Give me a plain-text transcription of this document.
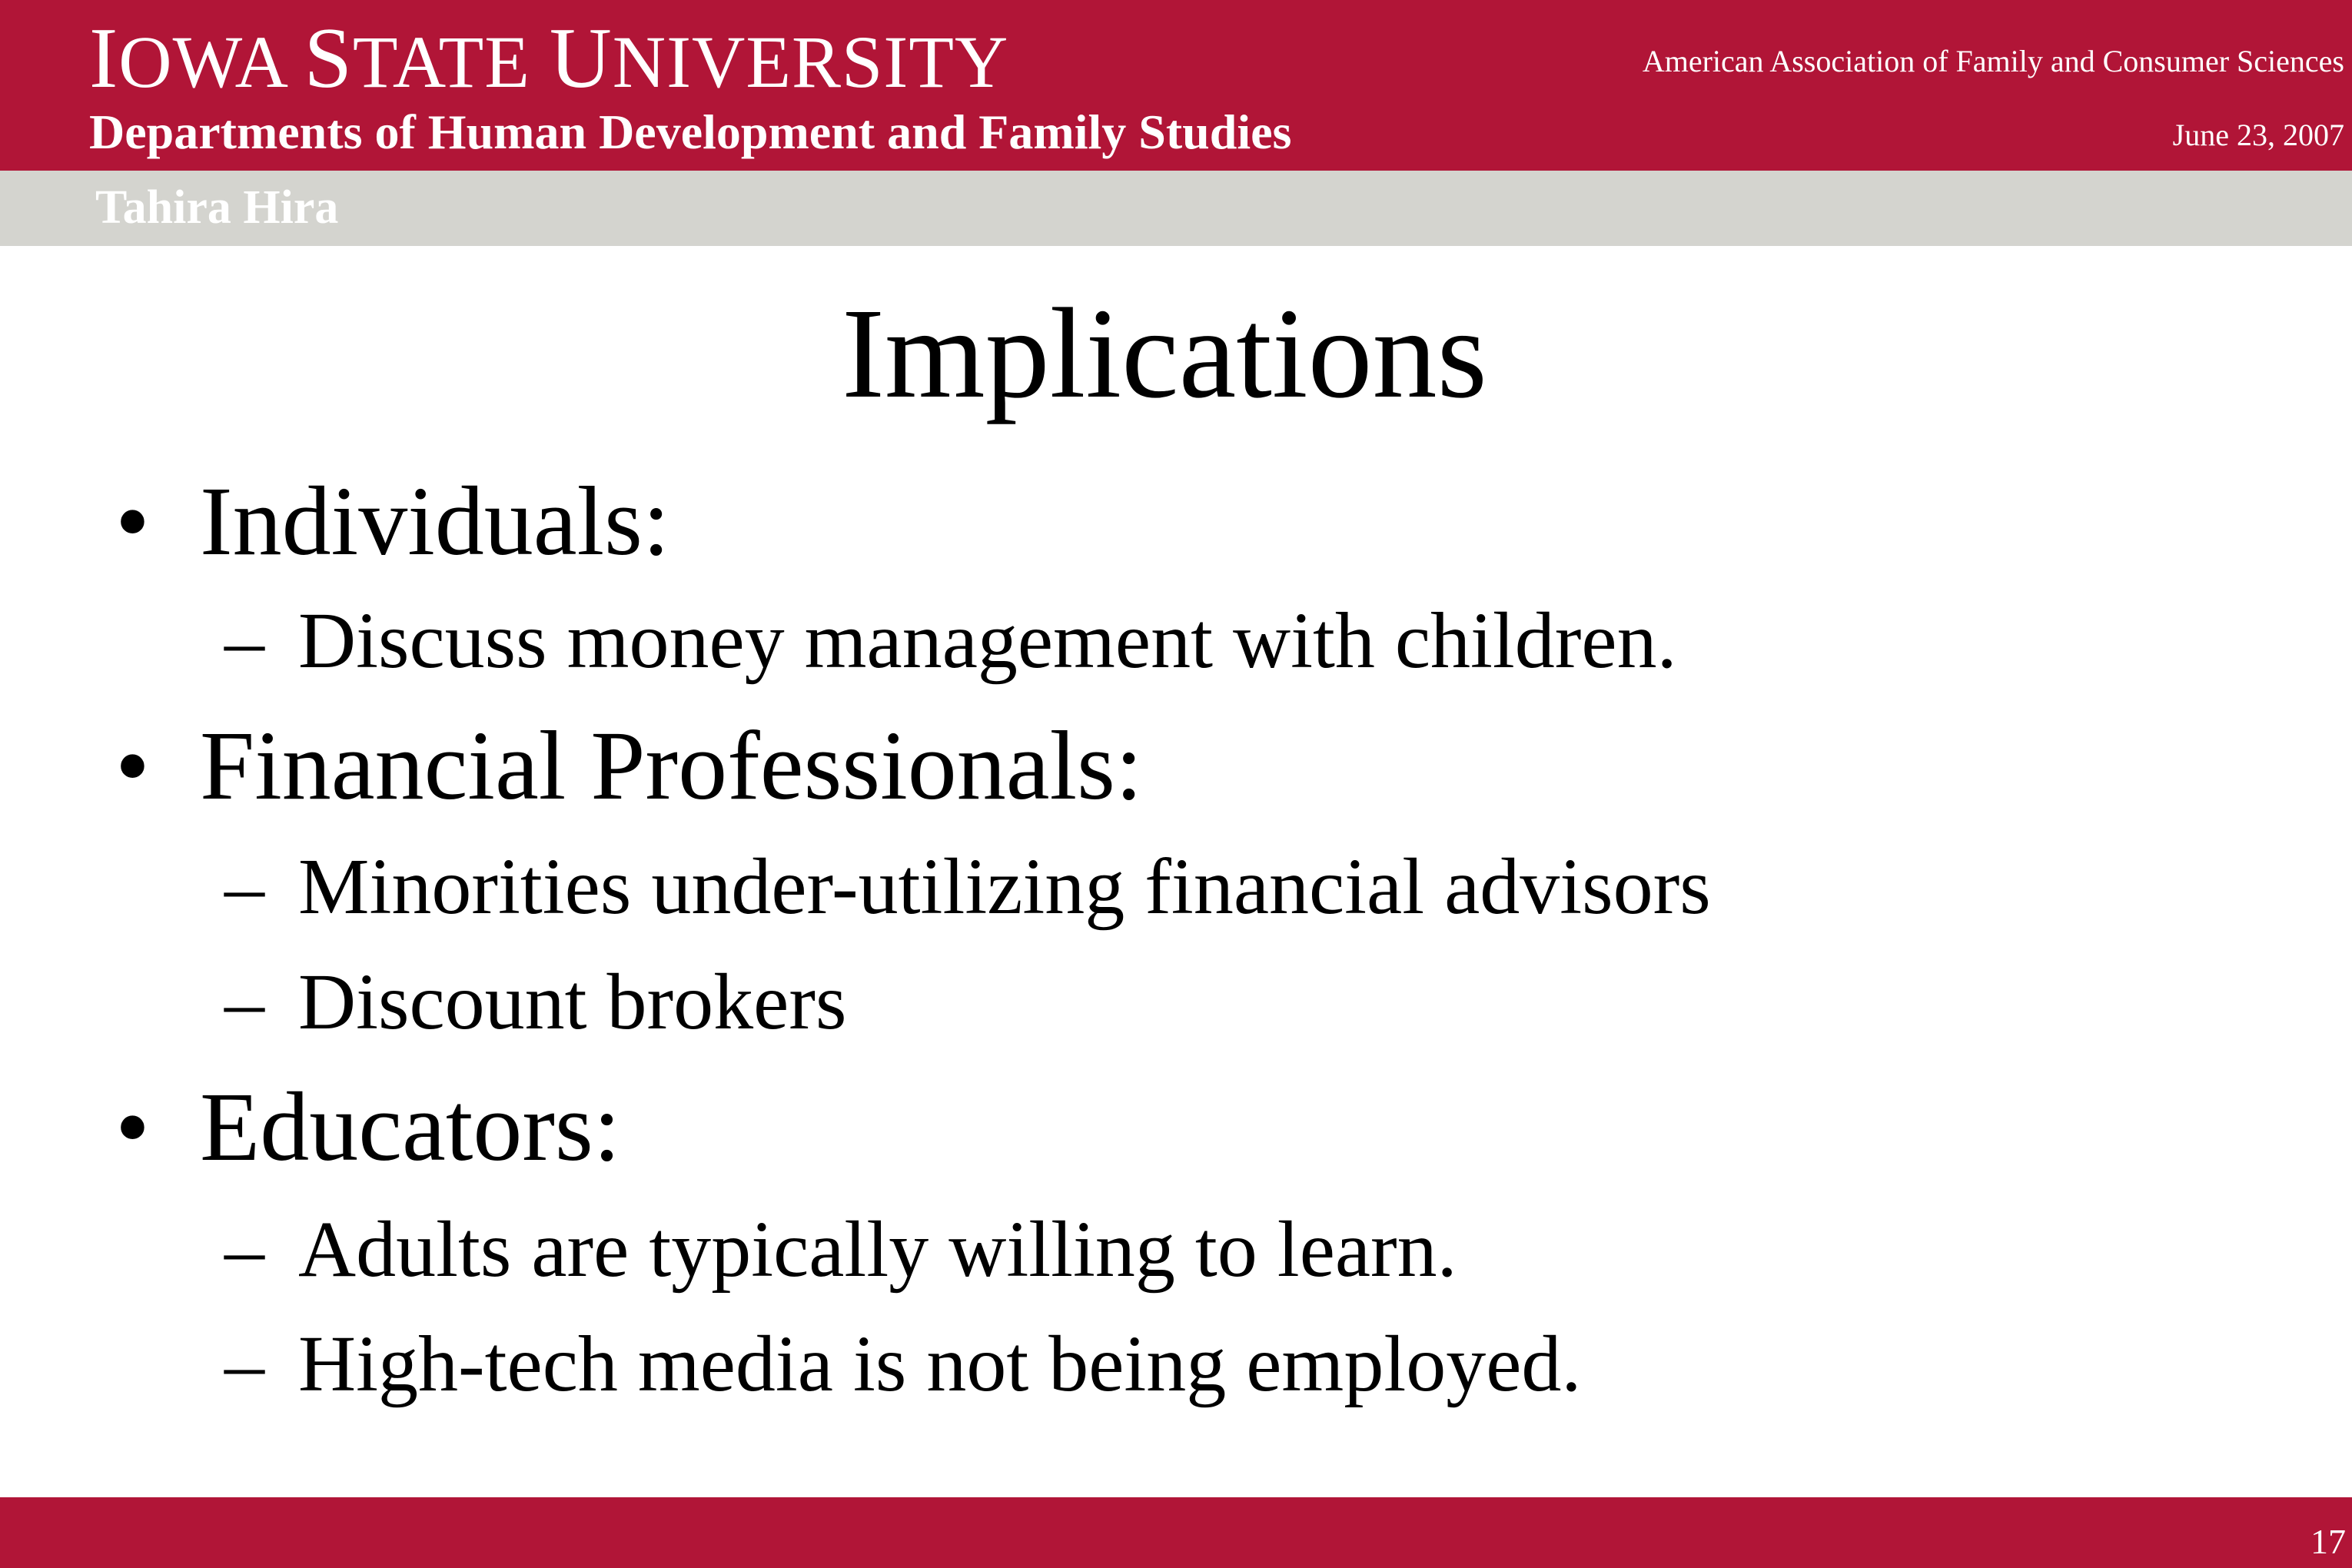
IOWA STATE UNIVERSITY
Departments of Human Development and Family Studies
American Association of Family and Consumer Sciences
June 23, 2007
Tahira Hira
Implications
• Individuals:
– Discuss money management with children.
• Financial Professionals:
– Minorities under-utilizing financial advisors
– Discount brokers
• Educators:
– Adults are typically willing to learn.
– High-tech media is not being employed.
17
